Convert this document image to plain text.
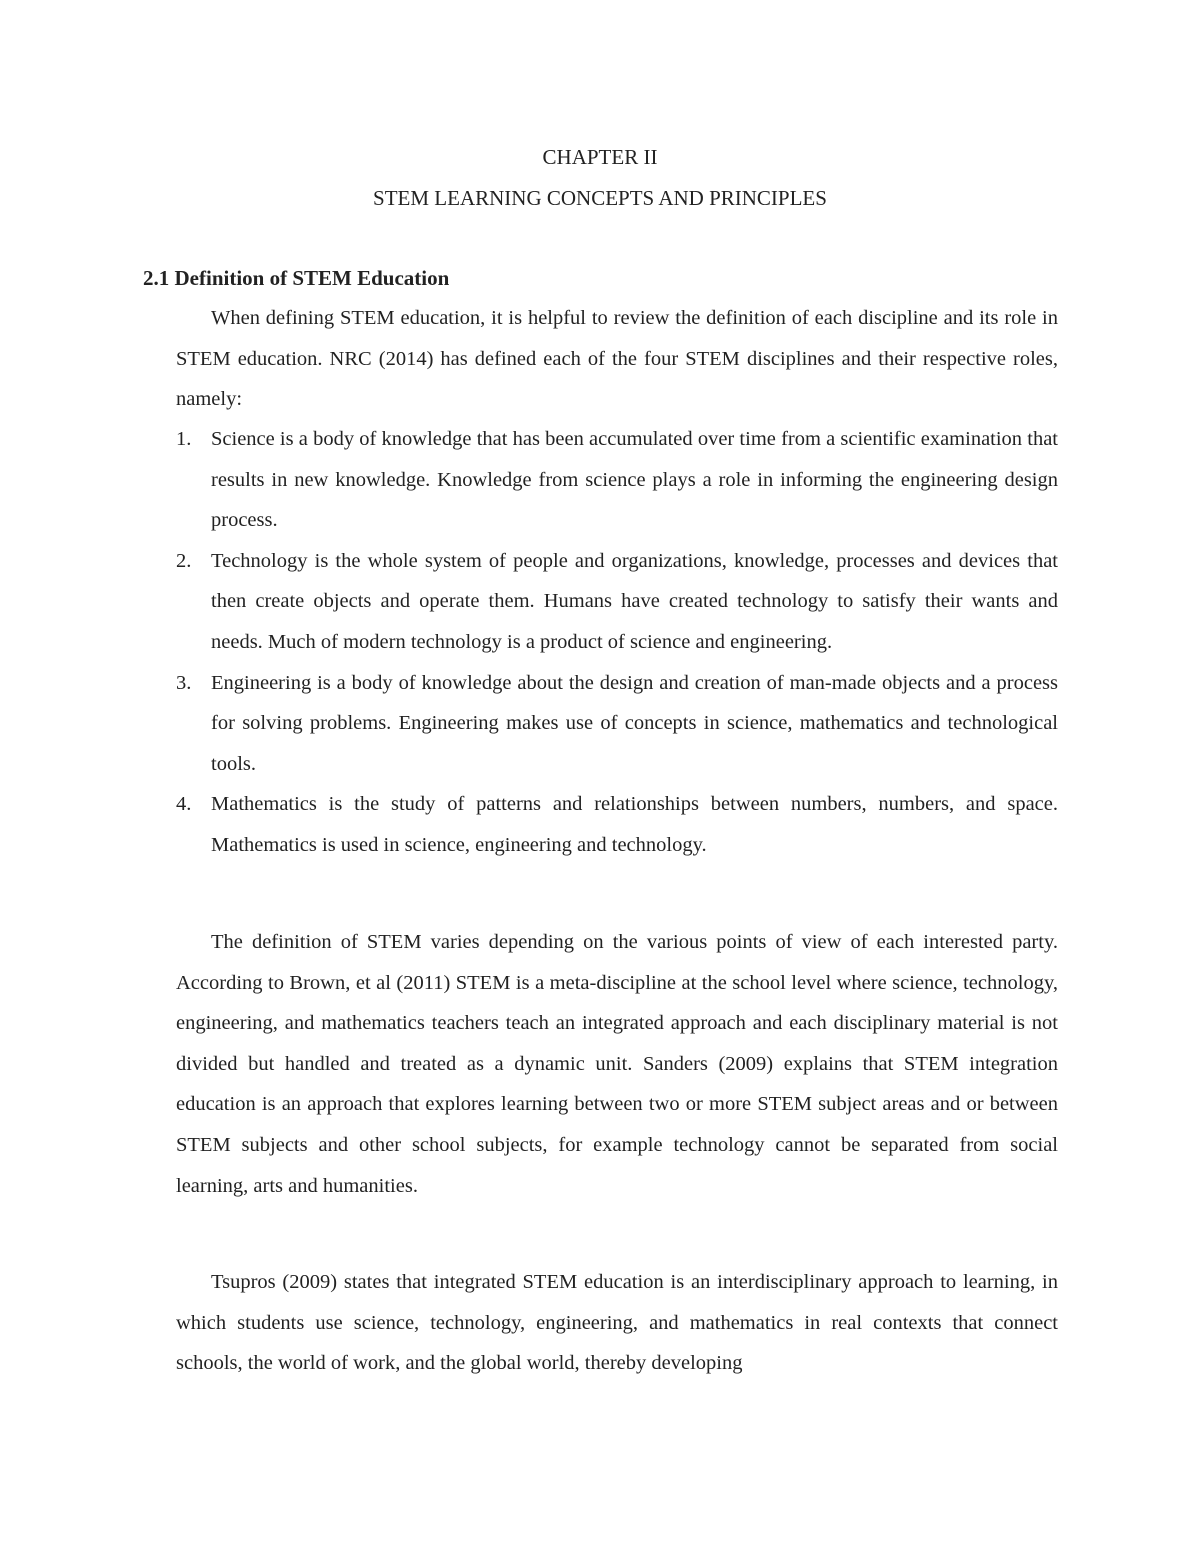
CHAPTER II
STEM LEARNING CONCEPTS AND PRINCIPLES
2.1 Definition of STEM Education

When defining STEM education, it is helpful to review the definition of each discipline and its role in STEM education. NRC (2014) has defined each of the four STEM disciplines and their respective roles, namely:

1. Science is a body of knowledge that has been accumulated over time from a scientific examination that results in new knowledge. Knowledge from science plays a role in informing the engineering design process.
2. Technology is the whole system of people and organizations, knowledge, processes and devices that then create objects and operate them. Humans have created technology to satisfy their wants and needs. Much of modern technology is a product of science and engineering.
3. Engineering is a body of knowledge about the design and creation of man-made objects and a process for solving problems. Engineering makes use of concepts in science, mathematics and technological tools.
4. Mathematics is the study of patterns and relationships between numbers, numbers, and space. Mathematics is used in science, engineering and technology.

The definition of STEM varies depending on the various points of view of each interested party. According to Brown, et al (2011) STEM is a meta-discipline at the school level where science, technology, engineering, and mathematics teachers teach an integrated approach and each disciplinary material is not divided but handled and treated as a dynamic unit. Sanders (2009) explains that STEM integration education is an approach that explores learning between two or more STEM subject areas and or between STEM subjects and other school subjects, for example technology cannot be separated from social learning, arts and humanities.

Tsupros (2009) states that integrated STEM education is an interdisciplinary approach to learning, in which students use science, technology, engineering, and mathematics in real contexts that connect schools, the world of work, and the global world, thereby developing
